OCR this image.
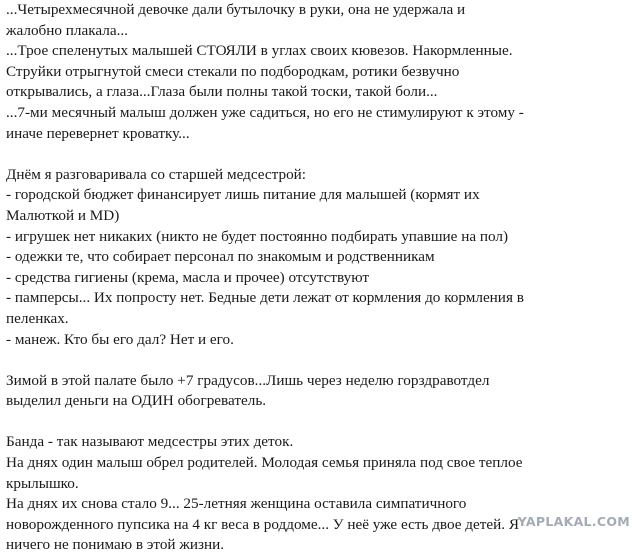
...Четырехмесячной девочке дали бутылочку в руки, она не удержала и
жалобно плакала...
...Трое спеленутых малышей СТОЯЛИ в углах своих кювезов. Накормленные.
Струйки отрыгнутой смеси стекали по подбородкам, ротики безвучно
открывались, а глаза...Глаза были полны такой тоски, такой боли...
...7-ми месячный малыш должен уже садиться, но его не стимулируют к этому -
иначе перевернет кроватку...
Днём я разговаривала со старшей медсестрой:
- городской бюджет финансирует лишь питание для малышей (кормят их
Малюткой и MD)
- игрушек нет никаких (никто не будет постоянно подбирать упавшие на пол)
- одежки те, что собирает персонал по знакомым и родственникам
- средства гигиены (крема, масла и прочее) отсутствуют
- памперсы... Их попросту нет. Бедные дети лежат от кормления до кормления в
пеленках.
- манеж. Кто бы его дал? Нет и его.
Зимой в этой палате было +7 градусов...Лишь через неделю горздравотдел
выделил деньги на ОДИН обогреватель.
Банда - так называют медсестры этих деток.
На днях один малыш обрел родителей. Молодая семья приняла под свое теплое
крылышко.
На днях их снова стало 9... 25-летняя женщина оставила симпатичного
новорожденного пупсика на 4 кг веса в роддоме... У неё уже есть двое детей. Я
ничего не понимаю в этой жизни.
YAPLAKAL.COM
